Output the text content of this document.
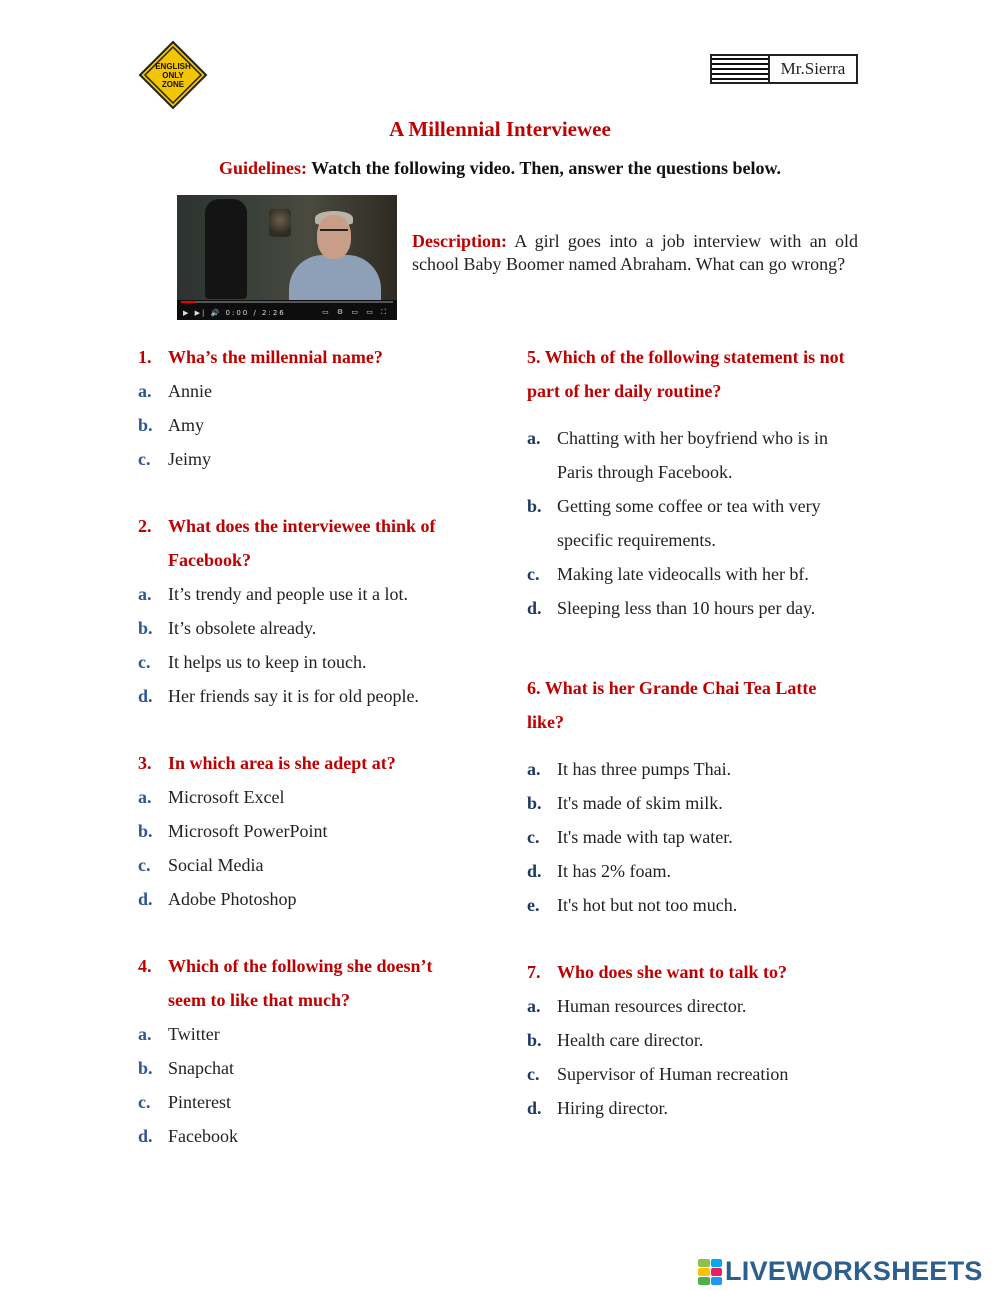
ENGLISH
ONLY
ZONE
Mr.Sierra
A Millennial Interviewee
Guidelines: Watch the following video. Then, answer the questions below.
▶ ▶| 🔊 0:00 / 2:26	▭ ⚙ ▭ ▭ ⛶
Description: A girl goes into a job interview with an old school Baby Boomer named Abraham. What can go wrong?
1. Wha’s the millennial name?
a. Annie
b. Amy
c. Jeimy
2. What does the interviewee think of Facebook?
a. It’s trendy and people use it a lot.
b. It’s obsolete already.
c. It helps us to keep in touch.
d. Her friends say it is for old people.
3. In which area is she adept at?
a. Microsoft Excel
b. Microsoft PowerPoint
c. Social Media
d. Adobe Photoshop
4. Which of the following she doesn’t seem to like that much?
a. Twitter
b. Snapchat
c. Pinterest
d. Facebook
5. Which of the following statement is not part of her daily routine?
a. Chatting with her boyfriend who is in Paris through Facebook.
b. Getting some coffee or tea with very specific requirements.
c. Making late videocalls with her bf.
d. Sleeping less than 10 hours per day.
6. What is her Grande Chai Tea Latte like?
a. It has three pumps Thai.
b. It's made of skim milk.
c. It's made with tap water.
d. It has 2% foam.
e. It's hot but not too much.
7. Who does she want to talk to?
a. Human resources director.
b. Health care director.
c. Supervisor of Human recreation
d. Hiring director.
LIVEWORKSHEETS
